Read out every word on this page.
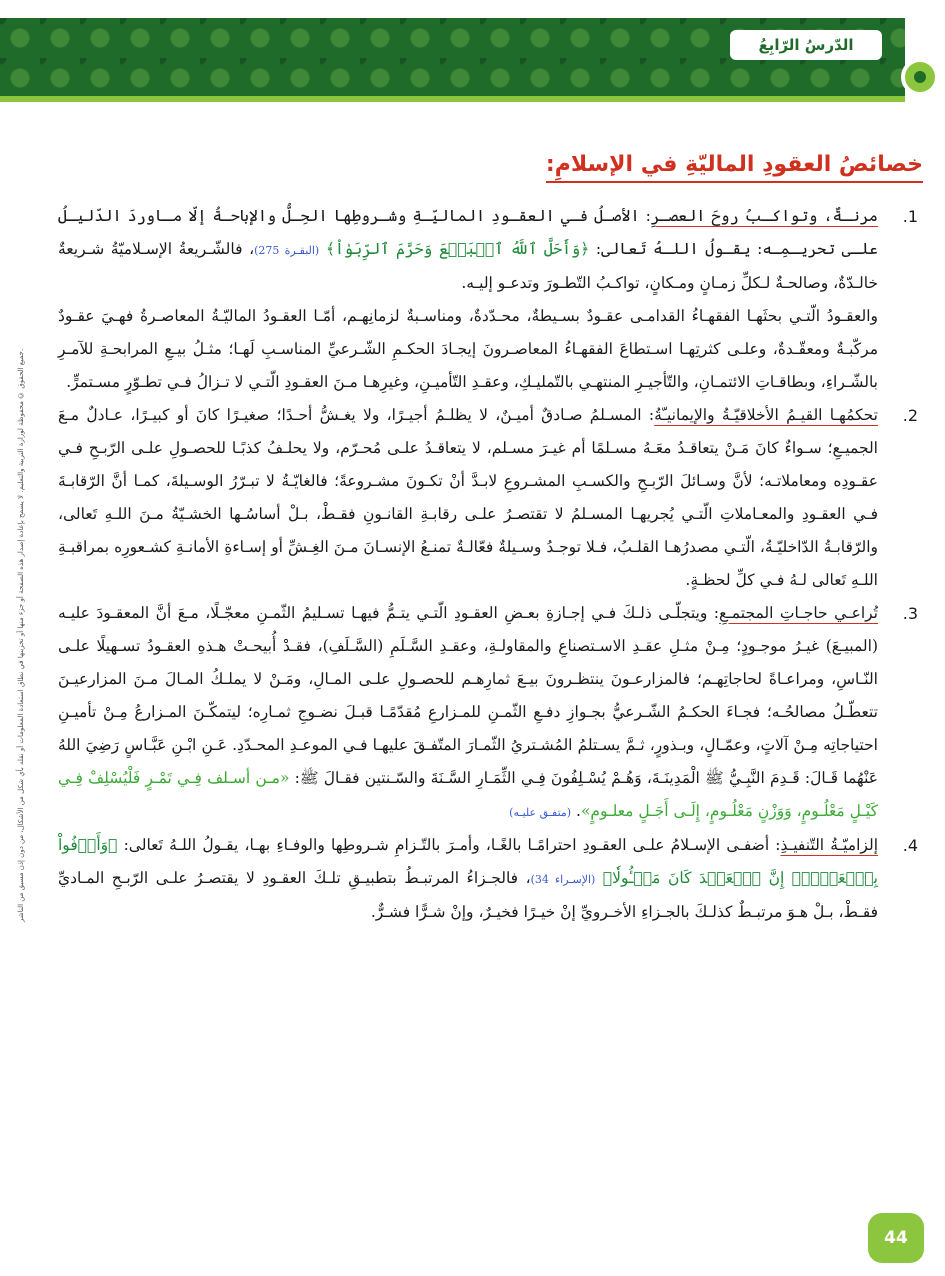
الدّرسُ الرّابِعُ
خصائصُ العقودِ الماليّةِ في الإسلامِ:
جميع الحقوق © محفوظة لوزارة التربية والتعليم. لا يسمح بإعادة إصدار هذه الصفحة أو جزء منها أو تخزينها في نطاق استعادة المعلومات أو نقله بأي شكل من الأشكال، من دون إذن مسبق من الناشر.
.1
مرنـةٌ، وتواكـبُ روحَ العصـرِ: الأصـلُ فـي العقـودِ الماليّـةِ وشـروطِها الحِـلُّ والإباحـةُ إلّا مـاوردَ الدّليـلُ علـى تحريـمِـه: يقـولُ اللـهُ تَعالى: ﴿وَأَحَلَّ ٱللَّهُ ٱلۡبَيۡعَ وَحَرَّمَ ٱلرِّبَوٰاْ﴾ (البقـرة 275)، فالشّـريعةُ الإسـلاميّةُ شـريعةٌ خالـدّةٌ، وصالحـةٌ لـكلِّ زمـانٍ ومـكانٍ، تواكـبُ التّطـورَ وتدعـو إليـه.

والعقـودُ الّتـي بحثَهـا الفقهـاءُ القدامـى عقـودٌ بسـيطةٌ، محـدّدةٌ، ومناسـبةٌ لزمانِهـم، أمّـا العقـودُ الماليّـةُ المعاصـرةُ فهـيَ عقـودٌ مركّبـةٌ ومعقّـدةٌ، وعلـى كثرتِهـا اسـتطاعَ الفقهـاءُ المعاصـرونَ إيجـادَ الحكـمِ الشّـرعيِّ المناسـبِ لَهـا؛ مثـلُ بيـعِ المرابحـةِ للآمـرِ بالشّـراءِ، وبطاقـاتِ الائتمـانِ، والتّأجيـرِ المنتهـي بالتّمليـكِ، وعقـدِ التّأميـنِ، وغيرِهـا مـنَ العقـودِ الّتـي لا تـزالُ فـي تطـوّرٍ مسـتمرٍّ.

.2
تحكمُهـا القيـمُ الأخلاقيّـةُ والإيمانيـّةُ: المسـلمُ صـادقٌ أميـنٌ، لا يظلـمُ أجيـرًا، ولا يغـشُّ أحـدًا؛ صغيـرًا كانَ أو كبيـرًا، عـادلٌ مـعَ الجميـعِ؛ سـواءٌ كانَ مَـنْ يتعاقـدُ معَـهُ مسـلمًا أم غيـرَ مسـلم، لا يتعاقـدُ علـى مُحـرّم، ولا يحلـفُ كذبًـا للحصـولِ علـى الرّبـحِ فـي عقـودِه ومعاملاتـه؛ لأنَّ وسـائلَ الرّبـحِ والكسـبِ المشـروعِ لابـدَّ أنْ تكـونَ مشـروعةً؛ فالغايّـةُ لا تبـرّرُ الوسـيلةَ، كمـا أنَّ الرّقابـةَ فـي العقـودِ والمعـاملاتِ الّتـي يُجريهـا المسـلمُ لا تقتصـرُ علـى رقابـةِ القانـونِ فقـطْ، بـلْ أساسُـها الخشـيّةُ مـنَ اللـهِ تَعالى، والرّقابـةُ الدّاخليّـةُ، الّتـي مصدرُهـا القلـبُ، فـلا توجـدُ وسـيلةٌ فعّالـةٌ تمنـعُ الإنسـانَ مـنَ الغِـشِّ أو إسـاءةِ الأمانـةِ كشـعورِه بمراقبـةِ اللـهِ تَعالى لـهُ فـي كلِّ لحظـةٍ.
.3
تُراعـي حاجـاتِ المجتمـعِ: ويتجلّـى ذلـكَ فـي إجـازةِ بعـضِ العقـودِ الّتـي يتـمُّ فيهـا تسـليمُ الثّمـنِ معجّـلًا، مـعَ أنَّ المعقـودَ عليـه (المبيـعَ) غيـرُ موجـودٍ؛ مِـنْ مثـلِ عقـدِ الاسـتصناعِ والمقاولـةِ، وعقـدِ السَّـلَمِ (السَّـلَفِ)، فقـدْ أُبيحـتْ هـذهِ العقـودُ تسـهيلًا علـى النّـاسِ، ومراعـاةً لحاجاتِهـم؛ فالمزارعـونَ ينتظـرونَ بيـعَ ثمارِهـم للحصـولِ علـى المـالِ، ومَـنْ لا يملـكُ المـالَ مـنَ المزارعيـنَ تتعطّـلُ مصالحُـه؛ فجـاءَ الحكـمُ الشّـرعيُّ بجـوازِ دفـعِ الثّمـنِ للمـزارعِ مُقدّمًـا قبـلَ نضـوجِ ثمـارِه؛ ليتمكّـنَ المـزارعُ مِـنْ تأميـنِ احتياجاتِه مِـنْ آلاتٍ، وعمّـالٍ، وبـذورٍ، ثـمَّ يسـتلمُ المُشـتريُ الثّمـارَ المتّفـقَ عليهـا فـي الموعـدِ المحـدّدِ. عَـنِ ابْـنِ عَبَّـاسٍ رَضِيَ اللهُ عَنْهُما قَـالَ: قَـدِمَ النَّبِـيُّ ﷺ الْمَدِينَـةَ، وَهُـمْ يُسْـلِفُونَ فِـي الثِّمَـارِ السَّـنَةَ والسّـنتين فقـالَ ﷺ: «مـن أسـلف فِـي تَمْـرٍ فَلْيُسْلِفْ فِـي كَيْـلٍ مَعْلُـومٍ، وَوَزْنٍ مَعْلُـومٍ، إِلَـى أَجَـلٍ معلـومٍ». (متفـق عليـه)
.4
إلزاميّـةُ التّنفيـذِ: أضفـى الإسـلامُ علـى العقـودِ احترامًـا بالغًـا، وأمـرَ بالتّـزامِ شـروطِها والوفـاءِ بهـا، يقـولُ اللـهُ تَعالى: ﴿وَأَوۡفُواْ بِٱلۡعَهۡدِۖ إِنَّ ٱلۡعَهۡدَ كَانَ مَسۡـُٔولٗا﴾ (الإسـراء 34)، فالجـزاءُ المرتبـطُ بتطبيـقِ تلـكَ العقـودِ لا يقتصـرُ علـى الرّبـحِ المـاديِّ فقـطْ، بـلْ هـوَ مرتبـطٌ كذلـكَ بالجـزاءِ الأخـرويِّ إنْ خيـرًا فخيـرٌ، وإنْ شـرًّا فشـرٌّ.
44
